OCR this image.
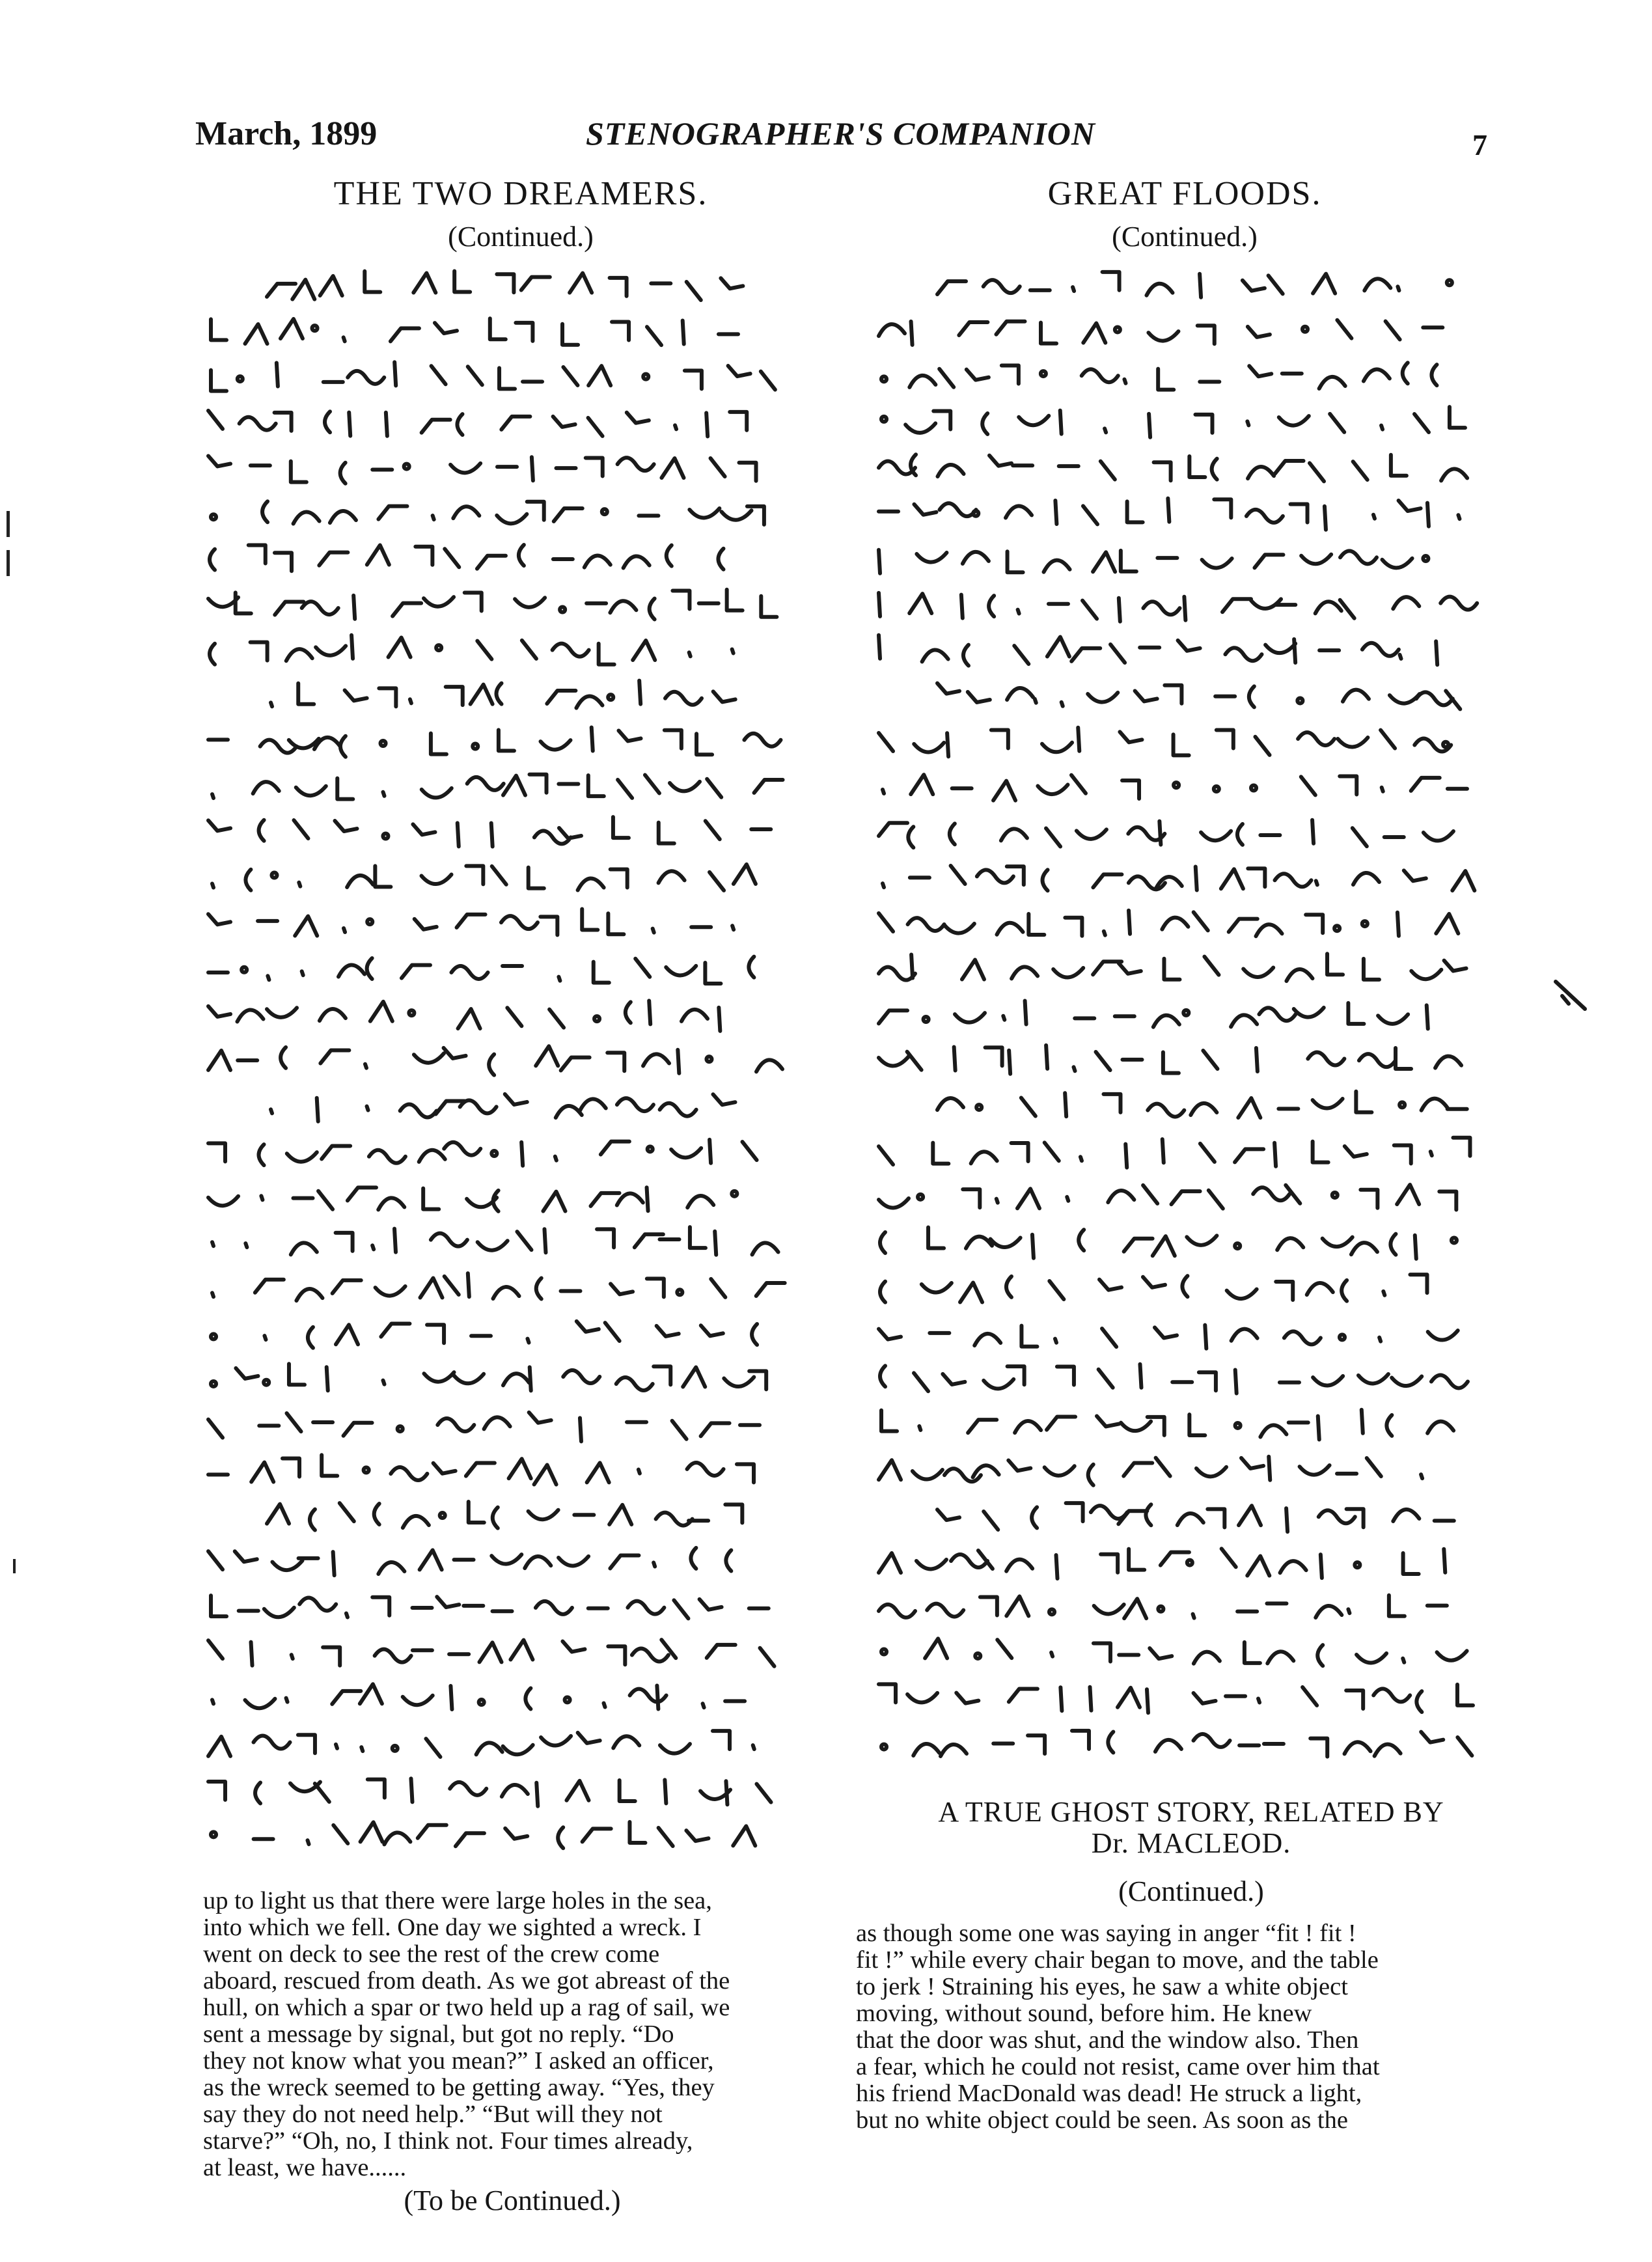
March, 1899	STENOGRAPHER'S COMPANION	7
THE TWO DREAMERS.
(Continued.)
GREAT FLOODS.
(Continued.)
up to light us that there were large holes in the sea,
into which we fell. One day we sighted a wreck. I
went on deck to see the rest of the crew come
aboard, rescued from death. As we got abreast of the
hull, on which a spar or two held up a rag of sail, we
sent a message by signal, but got no reply. “Do
they not know what you mean?” I asked an officer,
as the wreck seemed to be getting away. “Yes, they
say they do not need help.” “But will they not
starve?” “Oh, no, I think not. Four times already,
at least, we have......
(To be Continued.)
A TRUE GHOST STORY, RELATED BY
Dr. MACLEOD.
(Continued.)
as though some one was saying in anger “fit ! fit !
fit !” while every chair began to move, and the table
to jerk ! Straining his eyes, he saw a white object
moving, without sound, before him. He knew
that the door was shut, and the window also. Then
a fear, which he could not resist, came over him that
his friend MacDonald was dead! He struck a light,
but no white object could be seen. As soon as the
